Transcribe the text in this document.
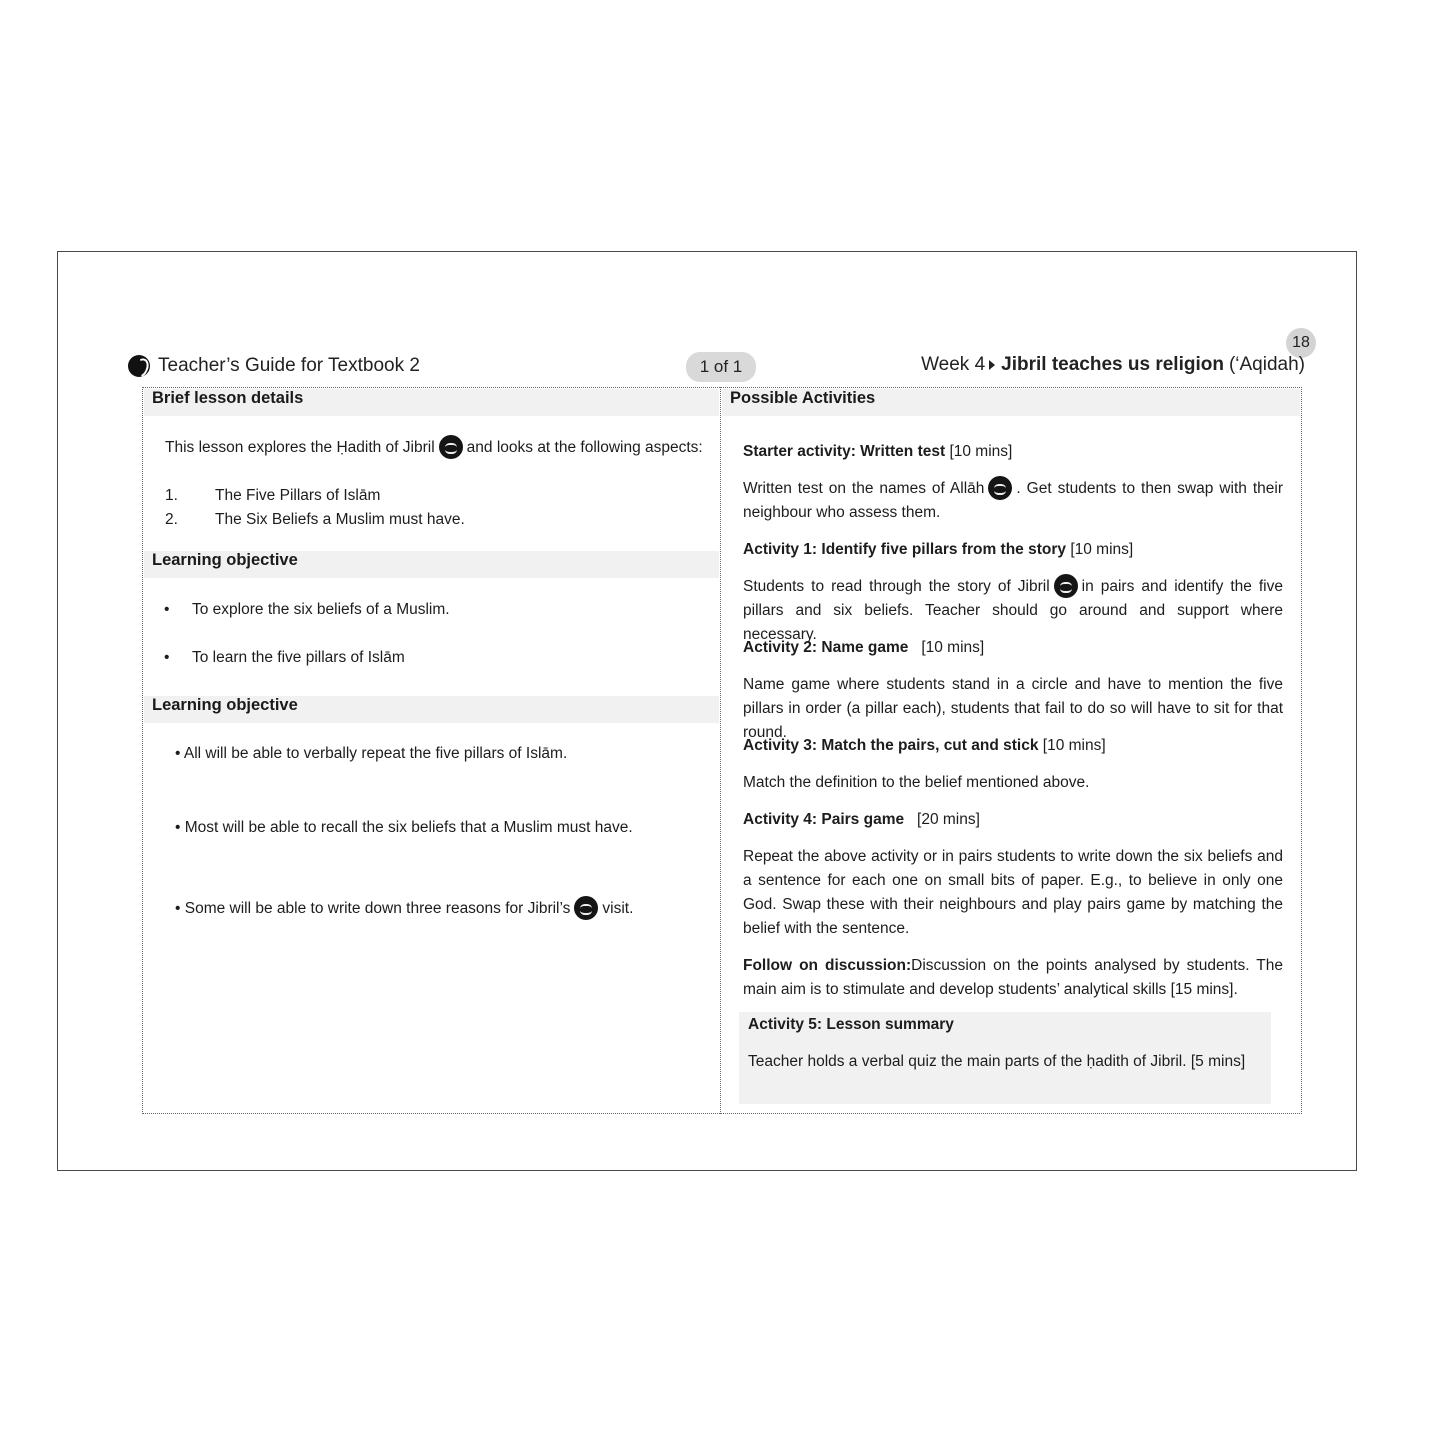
Teacher’s Guide for Textbook 2	1 of 1
18
Week 4 Jibril teaches us religion (‘Aqidah)
Brief lesson details
This lesson explores the Ḥadith of Jibril and looks at the following aspects:
1. The Five Pillars of Islām
2. The Six Beliefs a Muslim must have.
Learning objective
• To explore the six beliefs of a Muslim.
• To learn the five pillars of Islām
Learning objective
• All will be able to verbally repeat the five pillars of Islām.
• Most will be able to recall the six beliefs that a Muslim must have.
• Some will be able to write down three reasons for Jibril’s visit.
Possible Activities
Starter activity: Written test [10 mins]
Written test on the names of Allāh . Get students to then swap with their neighbour who assess them.
Activity 1: Identify five pillars from the story [10 mins]
Students to read through the story of Jibril in pairs and identify the five pillars and six beliefs. Teacher should go around and support where necessary.
Activity 2: Name game [10 mins]
Name game where students stand in a circle and have to mention the five pillars in order (a pillar each), students that fail to do so will have to sit for that round.
Activity 3: Match the pairs, cut and stick [10 mins]
Match the definition to the belief mentioned above.
Activity 4: Pairs game [20 mins]
Repeat the above activity or in pairs students to write down the six beliefs and a sentence for each one on small bits of paper. E.g., to believe in only one God. Swap these with their neighbours and play pairs game by matching the belief with the sentence.
Follow on discussion:Discussion on the points analysed by students. The main aim is to stimulate and develop students’ analytical skills [15 mins].
Activity 5: Lesson summary
Teacher holds a verbal quiz the main parts of the ḥadith of Jibril. [5 mins]
